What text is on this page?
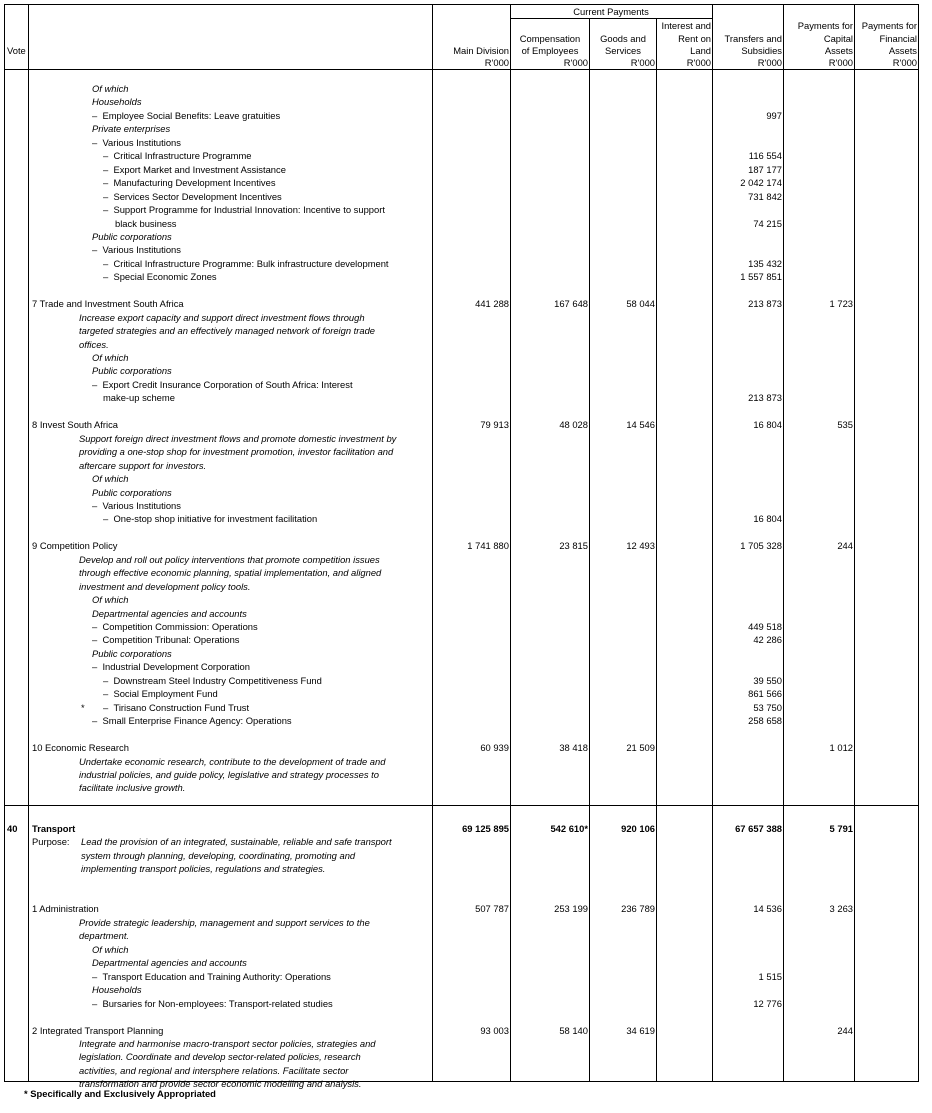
Vote	Main Division
Current Payments
Compensation
of Employees
Goods and
Services
Interest and
Rent on
Land
Transfers and
Subsidies
Payments for
Capital
Assets
Payments for
Financial
Assets
R'000	R'000	R'000	R'000	R'000	R'000	R'000
Of which
Households
–  Employee Social Benefits: Leave gratuities	997
Private enterprises
–  Various Institutions
–  Critical Infrastructure Programme	116 554
–  Export Market and Investment Assistance	187 177
–  Manufacturing Development Incentives	2 042 174
–  Services Sector Development Incentives	731 842
–  Support Programme for Industrial Innovation: Incentive to support
black business	74 215
Public corporations
–  Various Institutions
–  Critical Infrastructure Programme: Bulk infrastructure development	135 432
–  Special Economic Zones	1 557 851
7 Trade and Investment South Africa	441 288	167 648	58 044	213 873	1 723
Increase export capacity and support direct investment flows through
targeted strategies and an effectively managed network of foreign trade
offices.
Of which
Public corporations
–  Export Credit Insurance Corporation of South Africa: Interest
make-up scheme	213 873
8 Invest South Africa	79 913	48 028	14 546	16 804	535
Support foreign direct investment flows and promote domestic investment by
providing a one-stop shop for investment promotion, investor facilitation and
aftercare support for investors.
Of which
Public corporations
–  Various Institutions
–  One-stop shop initiative for investment facilitation	16 804
9 Competition Policy	1 741 880	23 815	12 493	1 705 328	244
Develop and roll out policy interventions that promote competition issues
through effective economic planning, spatial implementation, and aligned
investment and development policy tools.
Of which
Departmental agencies and accounts
–  Competition Commission: Operations	449 518
–  Competition Tribunal: Operations	42 286
Public corporations
–  Industrial Development Corporation
–  Downstream Steel Industry Competitiveness Fund	39 550
–  Social Employment Fund	861 566
*
–	Tirisano Construction Fund Trust	53 750
–  Small Enterprise Finance Agency: Operations	258 658
10 Economic Research	60 939	38 418	21 509	1 012
Undertake economic research, contribute to the development of trade and
industrial policies, and guide policy, legislative and strategy processes to
facilitate inclusive growth.
40 Transport	69 125 895	542 610*	920 106	67 657 388	5 791
Purpose: Lead the provision of an integrated, sustainable, reliable and safe transport
system through planning, developing, coordinating, promoting and
implementing transport policies, regulations and strategies.
1 Administration	507 787	253 199	236 789	14 536	3 263
Provide strategic leadership, management and support services to the
department.
Of which
Departmental agencies and accounts
–  Transport Education and Training Authority: Operations	1 515
Households
–  Bursaries for Non-employees: Transport-related studies	12 776
2 Integrated Transport Planning	93 003	58 140	34 619	244
Integrate and harmonise macro-transport sector policies, strategies and
legislation. Coordinate and develop sector-related policies, research
activities, and regional and intersphere relations. Facilitate sector
transformation and provide sector economic modelling and analysis.
* Specifically and Exclusively Appropriated
